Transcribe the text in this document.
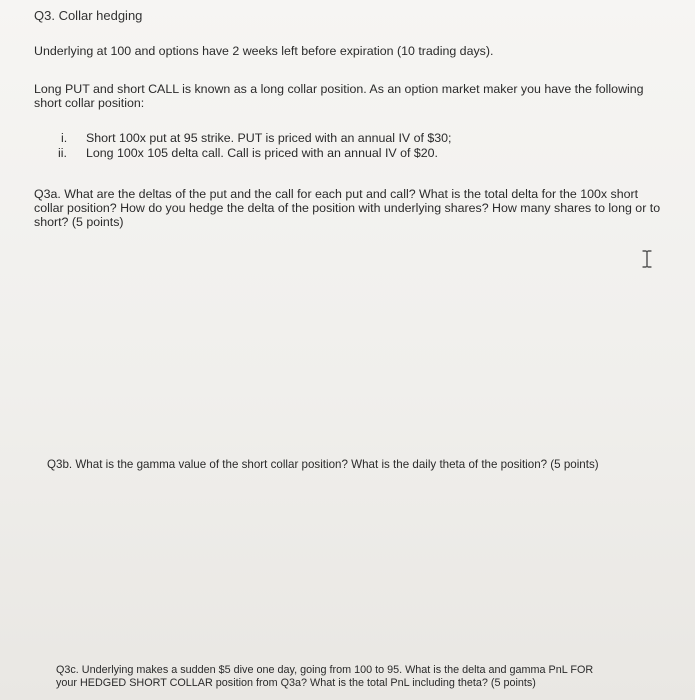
Q3. Collar hedging

Underlying at 100 and options have 2 weeks left before expiration (10 trading days).

Long PUT and short CALL is known as a long collar position. As an option market maker you have the following

short collar position:

i. Short 100x put at 95 strike. PUT is priced with an annual IV of $30;

ii. Long 100x 105 delta call. Call is priced with an annual IV of $20.

Q3a. What are the deltas of the put and the call for each put and call? What is the total delta for the 100x short

collar position? How do you hedge the delta of the position with underlying shares? How many shares to long or to

short? (5 points)

Q3b. What is the gamma value of the short collar position? What is the daily theta of the position? (5 points)

Q3c. Underlying makes a sudden $5 dive one day, going from 100 to 95. What is the delta and gamma PnL FOR

your HEDGED SHORT COLLAR position from Q3a? What is the total PnL including theta? (5 points)
